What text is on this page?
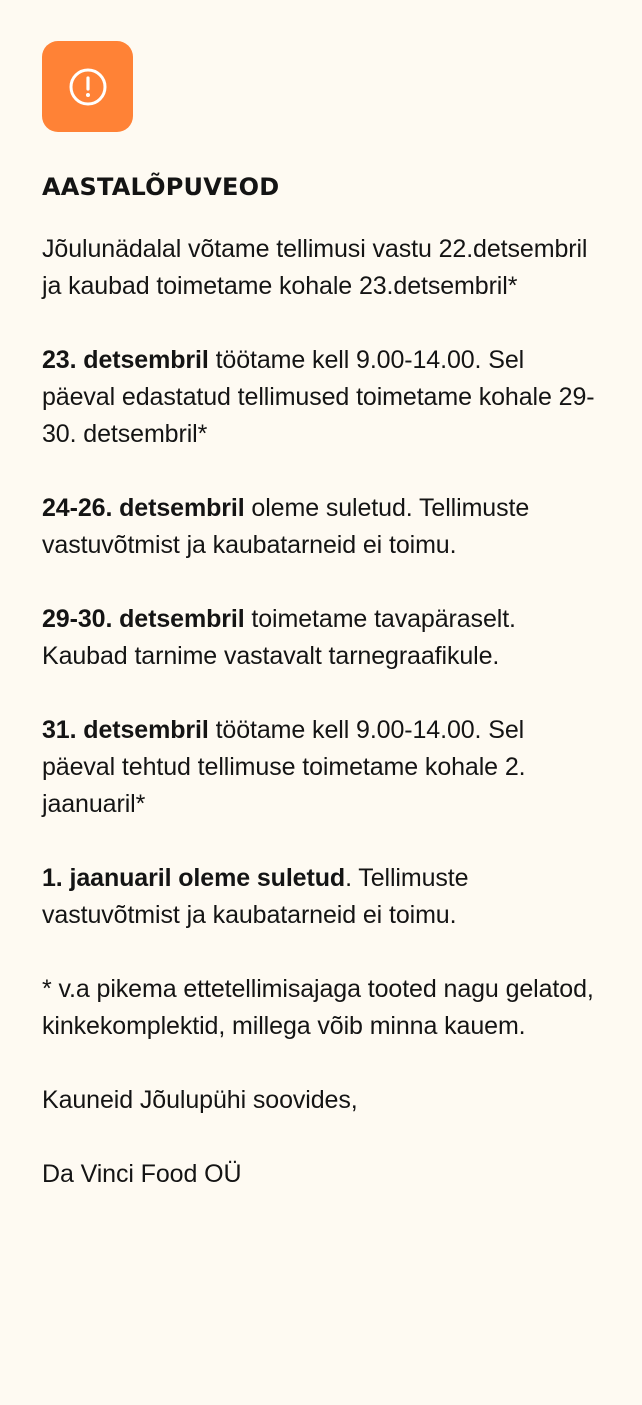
AASTALÕPUVEOD

Jõulunädalal võtame tellimusi vastu 22.detsembril ja kaubad toimetame kohale 23.detsembril*

23. detsembril töötame kell 9.00-14.00. Sel päeval edastatud tellimused toimetame kohale 29-30. detsembril*

24-26. detsembril oleme suletud. Tellimuste vastuvõtmist ja kaubatarneid ei toimu.

29-30. detsembril toimetame tavapäraselt. Kaubad tarnime vastavalt tarnegraafikule.

31. detsembril töötame kell 9.00-14.00. Sel päeval tehtud tellimuse toimetame kohale 2. jaanuaril*

1. jaanuaril oleme suletud. Tellimuste vastuvõtmist ja kaubatarneid ei toimu.

* v.a pikema ettetellimisajaga tooted nagu gelatod, kinkekomplektid, millega võib minna kauem.

Kauneid Jõulupühi soovides,

Da Vinci Food OÜ
